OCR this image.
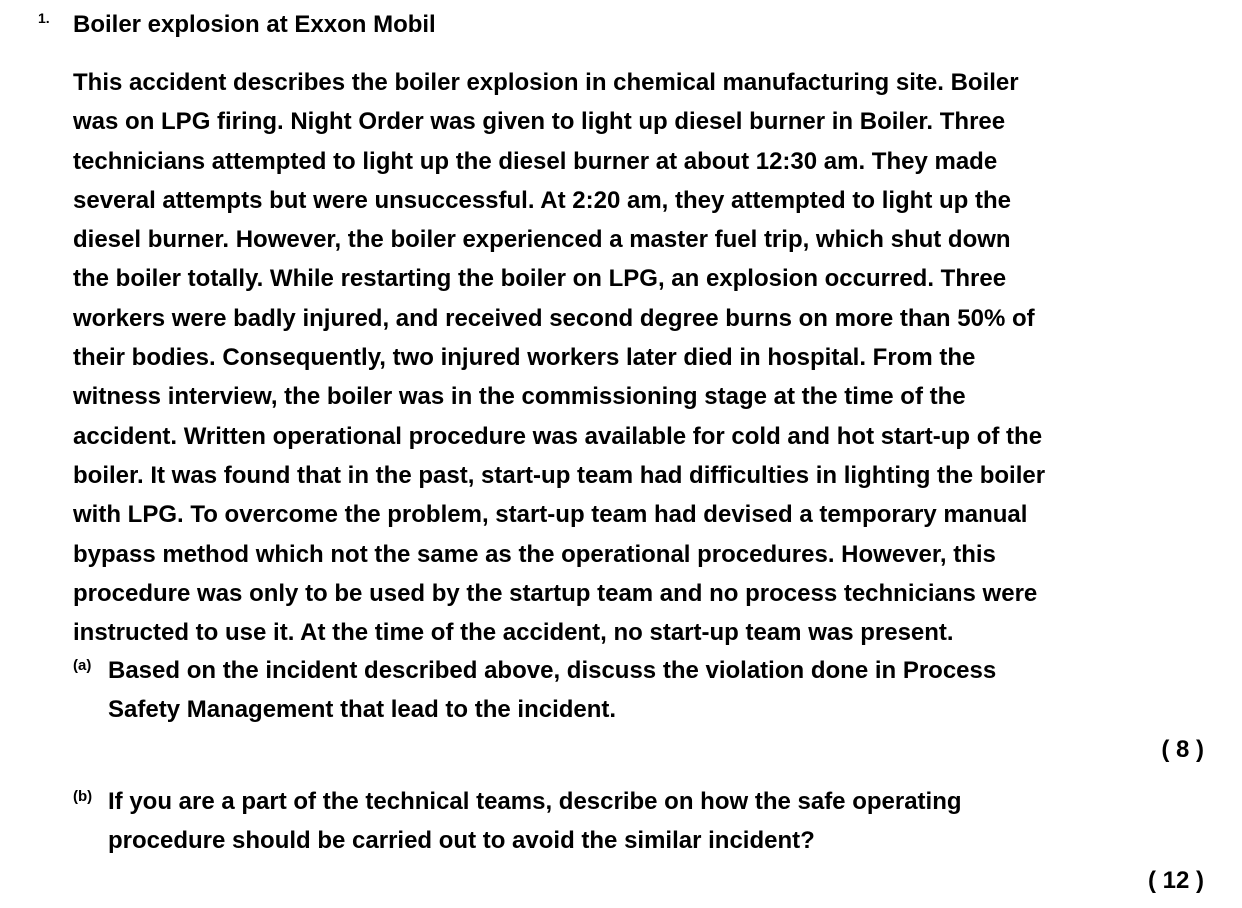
1. Boiler explosion at Exxon Mobil
This accident describes the boiler explosion in chemical manufacturing site. Boiler
was on LPG firing. Night Order was given to light up diesel burner in Boiler. Three
technicians attempted to light up the diesel burner at about 12:30 am. They made
several attempts but were unsuccessful. At 2:20 am, they attempted to light up the
diesel burner. However, the boiler experienced a master fuel trip, which shut down
the boiler totally. While restarting the boiler on LPG, an explosion occurred. Three
workers were badly injured, and received second degree burns on more than 50% of
their bodies. Consequently, two injured workers later died in hospital. From the
witness interview, the boiler was in the commissioning stage at the time of the
accident. Written operational procedure was available for cold and hot start-up of the
boiler. It was found that in the past, start-up team had difficulties in lighting the boiler
with LPG. To overcome the problem, start-up team had devised a temporary manual
bypass method which not the same as the operational procedures. However, this
procedure was only to be used by the startup team and no process technicians were
instructed to use it. At the time of the accident, no start-up team was present.
(a) Based on the incident described above, discuss the violation done in Process
Safety Management that lead to the incident.
( 8 )
(b) If you are a part of the technical teams, describe on how the safe operating
procedure should be carried out to avoid the similar incident?
( 12 )
